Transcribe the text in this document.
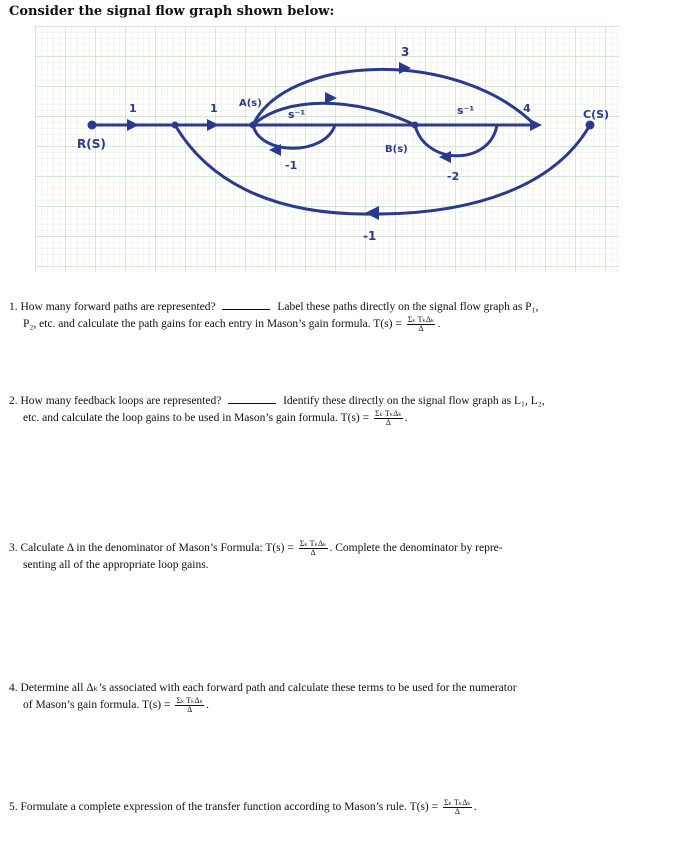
Consider the signal flow graph shown below:
R(S)
A(s)
B(s)
C(S)
1	1	s⁻¹
-1
3
s⁻¹
-2
4
-1
1. How many forward paths are represented?	Label these paths directly on the signal flow graph as P₁,
P₂, etc. and calculate the path gains for each entry in Mason’s gain formula. $T(s) = \frac{\text{Σₖ TₖΔₖ}}{\Delta}$ .
2. How many feedback loops are represented?	Identify these directly on the signal flow graph as L₁, L₂,
etc. and calculate the loop gains to be used in Mason’s gain formula. $T(s) = \frac{\text{Σₖ TₖΔₖ}}{\Delta}$ .
3. Calculate Δ in the denominator of Mason’s Formula: $T(s) = \frac{\text{Σₖ TₖΔₖ}}{\Delta}$ . Complete the denominator by repre-
senting all of the appropriate loop gains.
4. Determine all Δₖ’s associated with each forward path and calculate these terms to be used for the numerator
of Mason’s gain formula. $T(s) = \frac{\text{Σₖ TₖΔₖ}}{\Delta}$ .
5. Formulate a complete expression of the transfer function according to Mason’s rule. $T(s) = \frac{\text{Σₖ TₖΔₖ}}{\Delta}$ .
